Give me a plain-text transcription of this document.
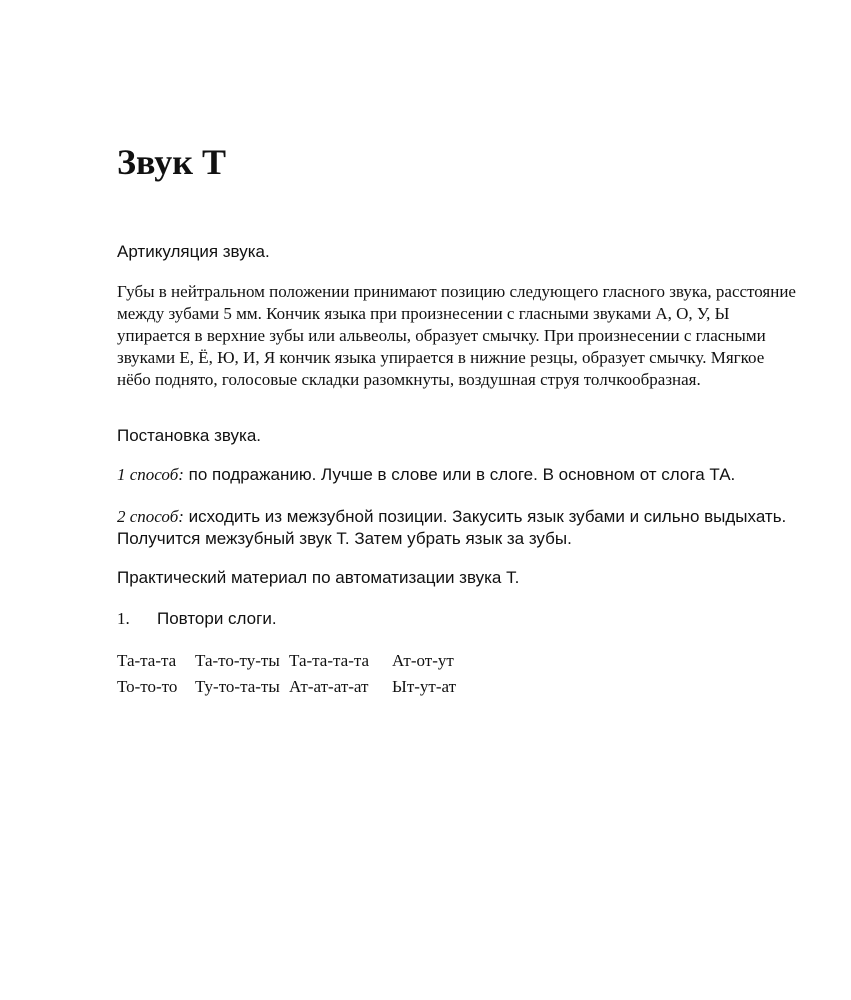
Звук Т

Артикуляция звука.

Губы в нейтральном положении принимают позицию следующего гласного звука, расстояние между зубами 5 мм. Кончик языка при произнесении с гласными звуками А, О, У, Ы упирается в верхние зубы или альвеолы, образует смычку. При произнесении с гласными звуками Е, Ё, Ю, И, Я кончик языка упирается в нижние резцы, образует смычку. Мягкое нёбо поднято, голосовые складки разомкнуты, воздушная струя толчкообразная.

Постановка звука.

1 способ: по подражанию. Лучше в слове или в слоге. В основном от слога ТА.

2 способ: исходить из межзубной позиции. Закусить язык зубами и сильно выдыхать. Получится межзубный звук Т. Затем убрать язык за зубы.

Практический материал по автоматизации звука Т.

1. Повтори слоги.
Та-та-та Та-то-ту-ты Та-та-та-та Ат-от-ут
То-то-то Ту-то-та-ты Ат-ат-ат-ат Ыт-ут-ат
